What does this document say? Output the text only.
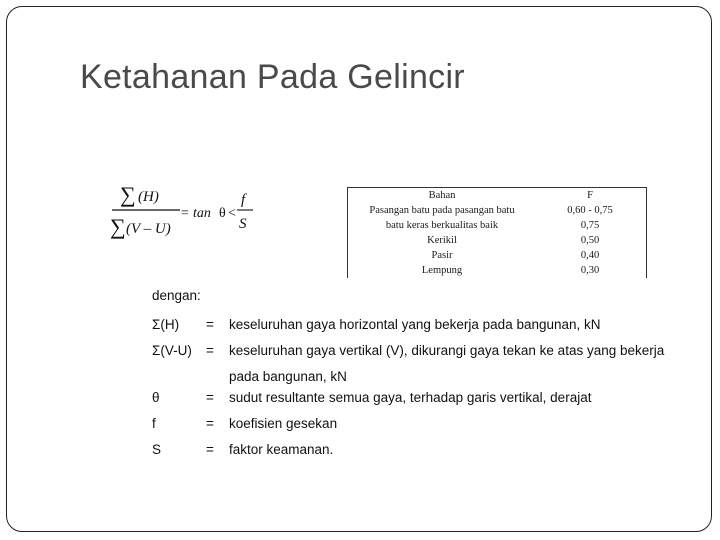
Ketahanan Pada Gelincir
∑ (H)
∑ (V – U)
= tan θ <
f
S
Bahan	F
Pasangan batu pada pasangan batu	0,60 - 0,75
batu keras berkualitas baik	0,75
Kerikil	0,50
Pasir	0,40
Lempung	0,30
dengan:
Σ(H)	=	keseluruhan gaya horizontal yang bekerja pada bangunan, kN
Σ(V-U)	=	keseluruhan gaya vertikal (V), dikurangi gaya tekan ke atas yang bekerja pada bangunan, kN
θ	=	sudut resultante semua gaya, terhadap garis vertikal, derajat
f	=	koefisien gesekan
S	=	faktor keamanan.
